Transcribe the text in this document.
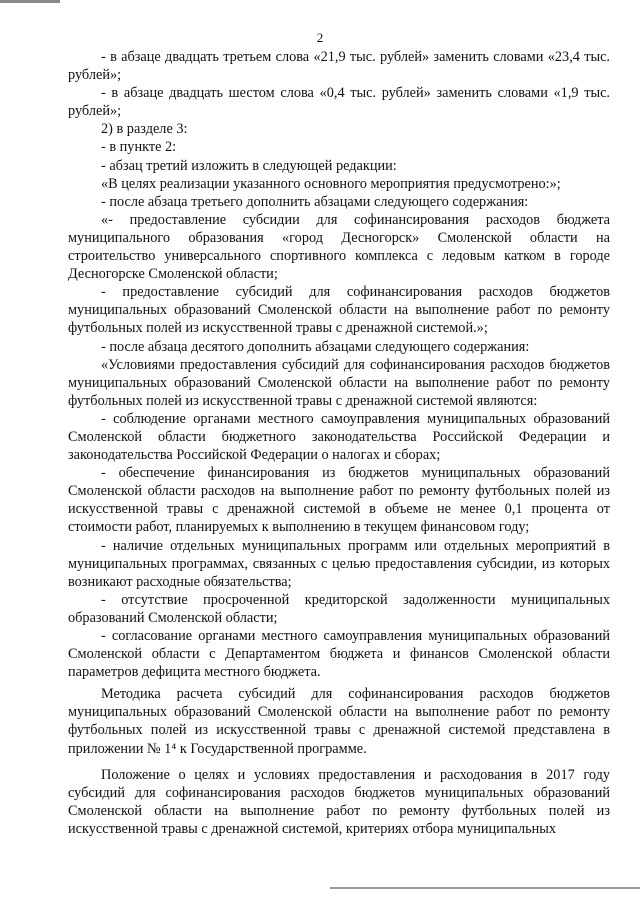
2

- в абзаце двадцать третьем слова «21,9 тыс. рублей» заменить словами «23,4 тыс. рублей»;

- в абзаце двадцать шестом слова «0,4 тыс. рублей» заменить словами «1,9 тыс. рублей»;

2) в разделе 3:

- в пункте 2:

- абзац третий изложить в следующей редакции:

«В целях реализации указанного основного мероприятия предусмотрено:»;

- после абзаца третьего дополнить абзацами следующего содержания:

«- предоставление субсидии для софинансирования расходов бюджета муниципального образования «город Десногорск» Смоленской области на строительство универсального спортивного комплекса с ледовым катком в городе Десногорске Смоленской области;

- предоставление субсидий для софинансирования расходов бюджетов муниципальных образований Смоленской области на выполнение работ по ремонту футбольных полей из искусственной травы с дренажной системой.»;

- после абзаца десятого дополнить абзацами следующего содержания:

«Условиями предоставления субсидий для софинансирования расходов бюджетов муниципальных образований Смоленской области на выполнение работ по ремонту футбольных полей из искусственной травы с дренажной системой являются:

- соблюдение органами местного самоуправления муниципальных образований Смоленской области бюджетного законодательства Российской Федерации и законодательства Российской Федерации о налогах и сборах;

- обеспечение финансирования из бюджетов муниципальных образований Смоленской области расходов на выполнение работ по ремонту футбольных полей из искусственной травы с дренажной системой в объеме не менее 0,1 процента от стоимости работ, планируемых к выполнению в текущем финансовом году;

- наличие отдельных муниципальных программ или отдельных мероприятий в муниципальных программах, связанных с целью предоставления субсидии, из которых возникают расходные обязательства;

- отсутствие просроченной кредиторской задолженности муниципальных образований Смоленской области;

- согласование органами местного самоуправления муниципальных образований Смоленской области с Департаментом бюджета и финансов Смоленской области параметров дефицита местного бюджета.

Методика расчета субсидий для софинансирования расходов бюджетов муниципальных образований Смоленской области на выполнение работ по ремонту футбольных полей из искусственной травы с дренажной системой представлена в приложении № 1⁴ к Государственной программе.

Положение о целях и условиях предоставления и расходования в 2017 году субсидий для софинансирования расходов бюджетов муниципальных образований Смоленской области на выполнение работ по ремонту футбольных полей из искусственной травы с дренажной системой, критериях отбора муниципальных
